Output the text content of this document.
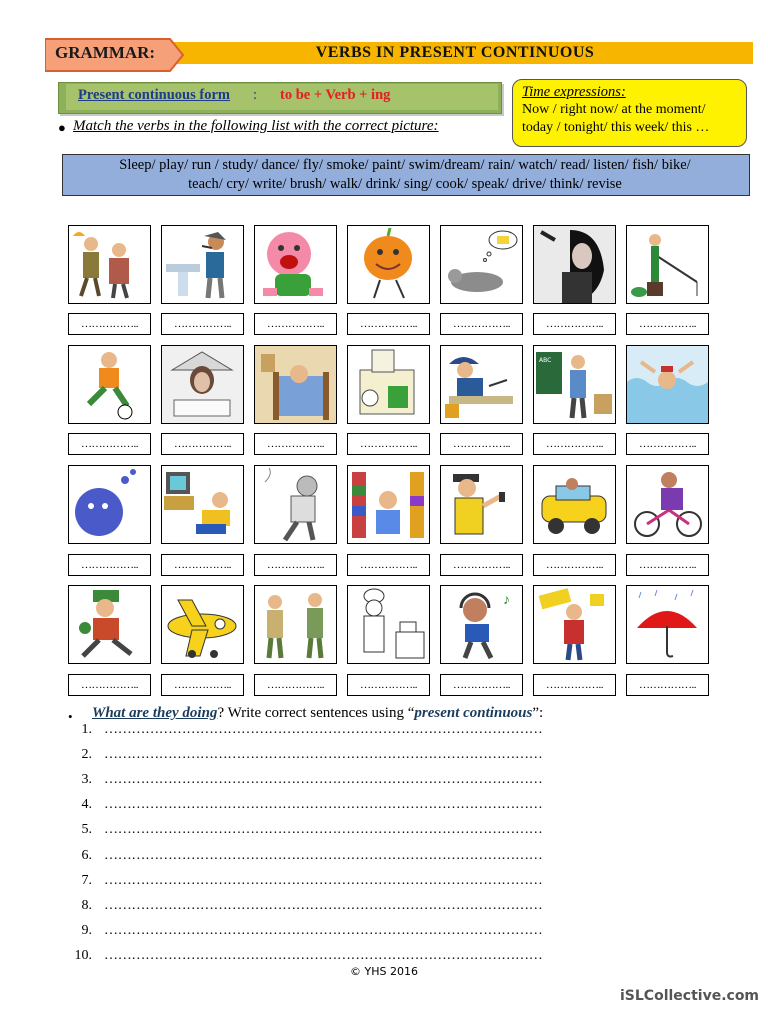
GRAMMAR:	VERBS IN PRESENT CONTINUOUS
Present continuous form : to be + Verb + ing	Time expressions:
Now / right now/ at the moment/
today / tonight/ this week/ this …
● Match the verbs in the following list with the correct picture:
Sleep/ play/ run / study/ dance/ fly/ smoke/ paint/ swim/dream/ rain/ watch/ read/ listen/ fish/ bike/
teach/ cry/ write/ brush/ walk/ drink/ sing/ cook/ speak/ drive/ think/ revise
ABC
♪
……………..	……………..	……………..	……………..	……………..	……………..	……………..
……………..	……………..	……………..	……………..	……………..	……………..	……………..
……………..	……………..	……………..	……………..	……………..	……………..	……………..
……………..	……………..	……………..	……………..	……………..	……………..	……………..
• What are they doing? Write correct sentences using “present continuous”:
1. ……………………………………………………………………………………
2. ……………………………………………………………………………………
3. ……………………………………………………………………………………
4. ……………………………………………………………………………………
5. ……………………………………………………………………………………
6. ……………………………………………………………………………………
7. ……………………………………………………………………………………
8. ……………………………………………………………………………………
9. ……………………………………………………………………………………
10. ……………………………………………………………………………………
© YHS 2016
iSLCollective.com
